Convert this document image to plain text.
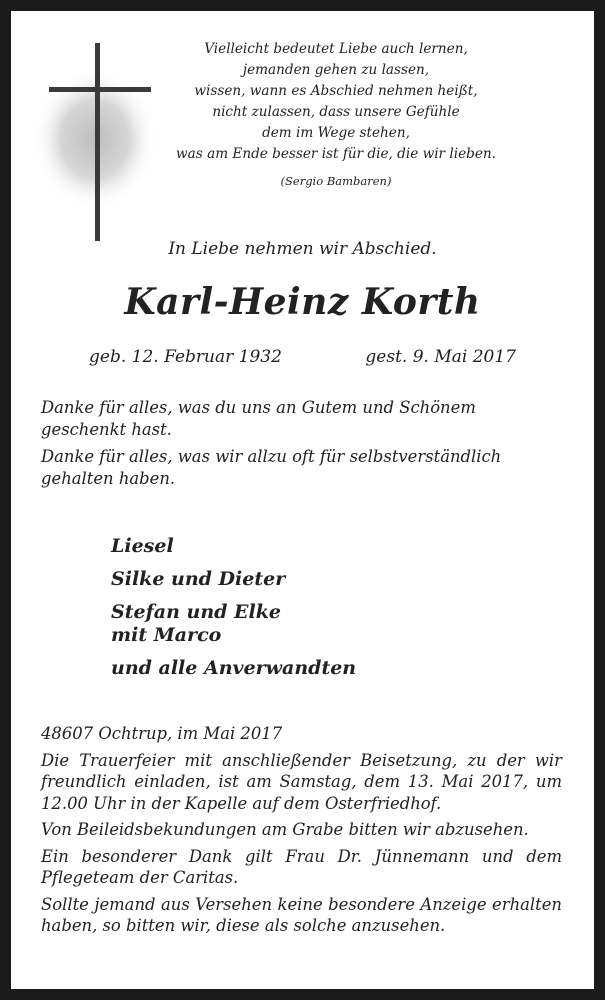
Vielleicht bedeutet Liebe auch lernen,
jemanden gehen zu lassen,
wissen, wann es Abschied nehmen heißt,
nicht zulassen, dass unsere Gefühle
dem im Wege stehen,
was am Ende besser ist für die, die wir lieben.
(Sergio Bambaren)
In Liebe nehmen wir Abschied.
Karl-Heinz Korth
geb. 12. Februar 1932	gest. 9. Mai 2017

Danke für alles, was du uns an Gutem und Schönem geschenkt hast.

Danke für alles, was wir allzu oft für selbstverständlich gehalten haben.

Liesel
Silke und Dieter
Stefan und Elke
mit Marco
und alle Anverwandten

48607 Ochtrup, im Mai 2017

Die Trauerfeier mit anschließender Beisetzung, zu der wir freundlich einladen, ist am Samstag, dem 13. Mai 2017, um 12.00 Uhr in der Kapelle auf dem Osterfriedhof.

Von Beileidsbekundungen am Grabe bitten wir abzusehen.

Ein besonderer Dank gilt Frau Dr. Jünnemann und dem Pflegeteam der Caritas.

Sollte jemand aus Versehen keine besondere Anzeige erhalten haben, so bitten wir, diese als solche anzusehen.
